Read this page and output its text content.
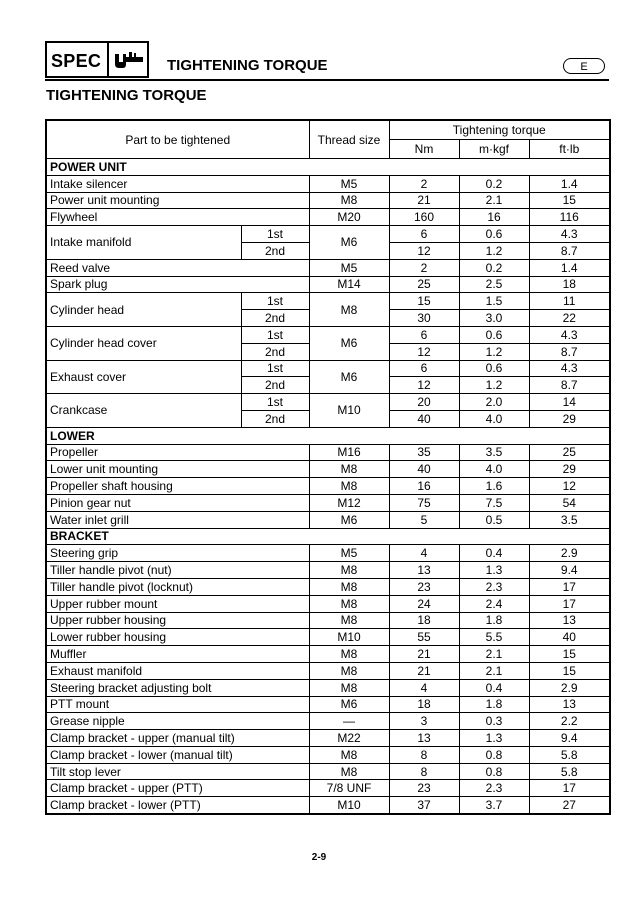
SPEC	TIGHTENING TORQUE	E
TIGHTENING TORQUE
Part to be tightened		Thread size	Tightening torque		
			Nm	m·kgf	ft·lb
POWER UNIT					
Intake silencer		M5	2	0.2	1.4
Power unit mounting		M8	21	2.1	15
Flywheel		M20	160	16	116
Intake manifold	1st	M6	6	0.6	4.3
	2nd		12	1.2	8.7
Reed valve		M5	2	0.2	1.4
Spark plug		M14	25	2.5	18
Cylinder head	1st	M8	15	1.5	11
	2nd		30	3.0	22
Cylinder head cover	1st	M6	6	0.6	4.3
	2nd		12	1.2	8.7
Exhaust cover	1st	M6	6	0.6	4.3
	2nd		12	1.2	8.7
Crankcase	1st	M10	20	2.0	14
	2nd		40	4.0	29
LOWER					
Propeller		M16	35	3.5	25
Lower unit mounting		M8	40	4.0	29
Propeller shaft housing		M8	16	1.6	12
Pinion gear nut		M12	75	7.5	54
Water inlet grill		M6	5	0.5	3.5
BRACKET					
Steering grip		M5	4	0.4	2.9
Tiller handle pivot (nut)		M8	13	1.3	9.4
Tiller handle pivot (locknut)		M8	23	2.3	17
Upper rubber mount		M8	24	2.4	17
Upper rubber housing		M8	18	1.8	13
Lower rubber housing		M10	55	5.5	40
Muffler		M8	21	2.1	15
Exhaust manifold		M8	21	2.1	15
Steering bracket adjusting bolt		M8	4	0.4	2.9
PTT mount		M6	18	1.8	13
Grease nipple		—	3	0.3	2.2
Clamp bracket - upper (manual tilt)		M22	13	1.3	9.4
Clamp bracket - lower (manual tilt)		M8	8	0.8	5.8
Tilt stop lever		M8	8	0.8	5.8
Clamp bracket - upper (PTT)		7/8 UNF	23	2.3	17
Clamp bracket - lower (PTT)		M10	37	3.7	27
2-9
